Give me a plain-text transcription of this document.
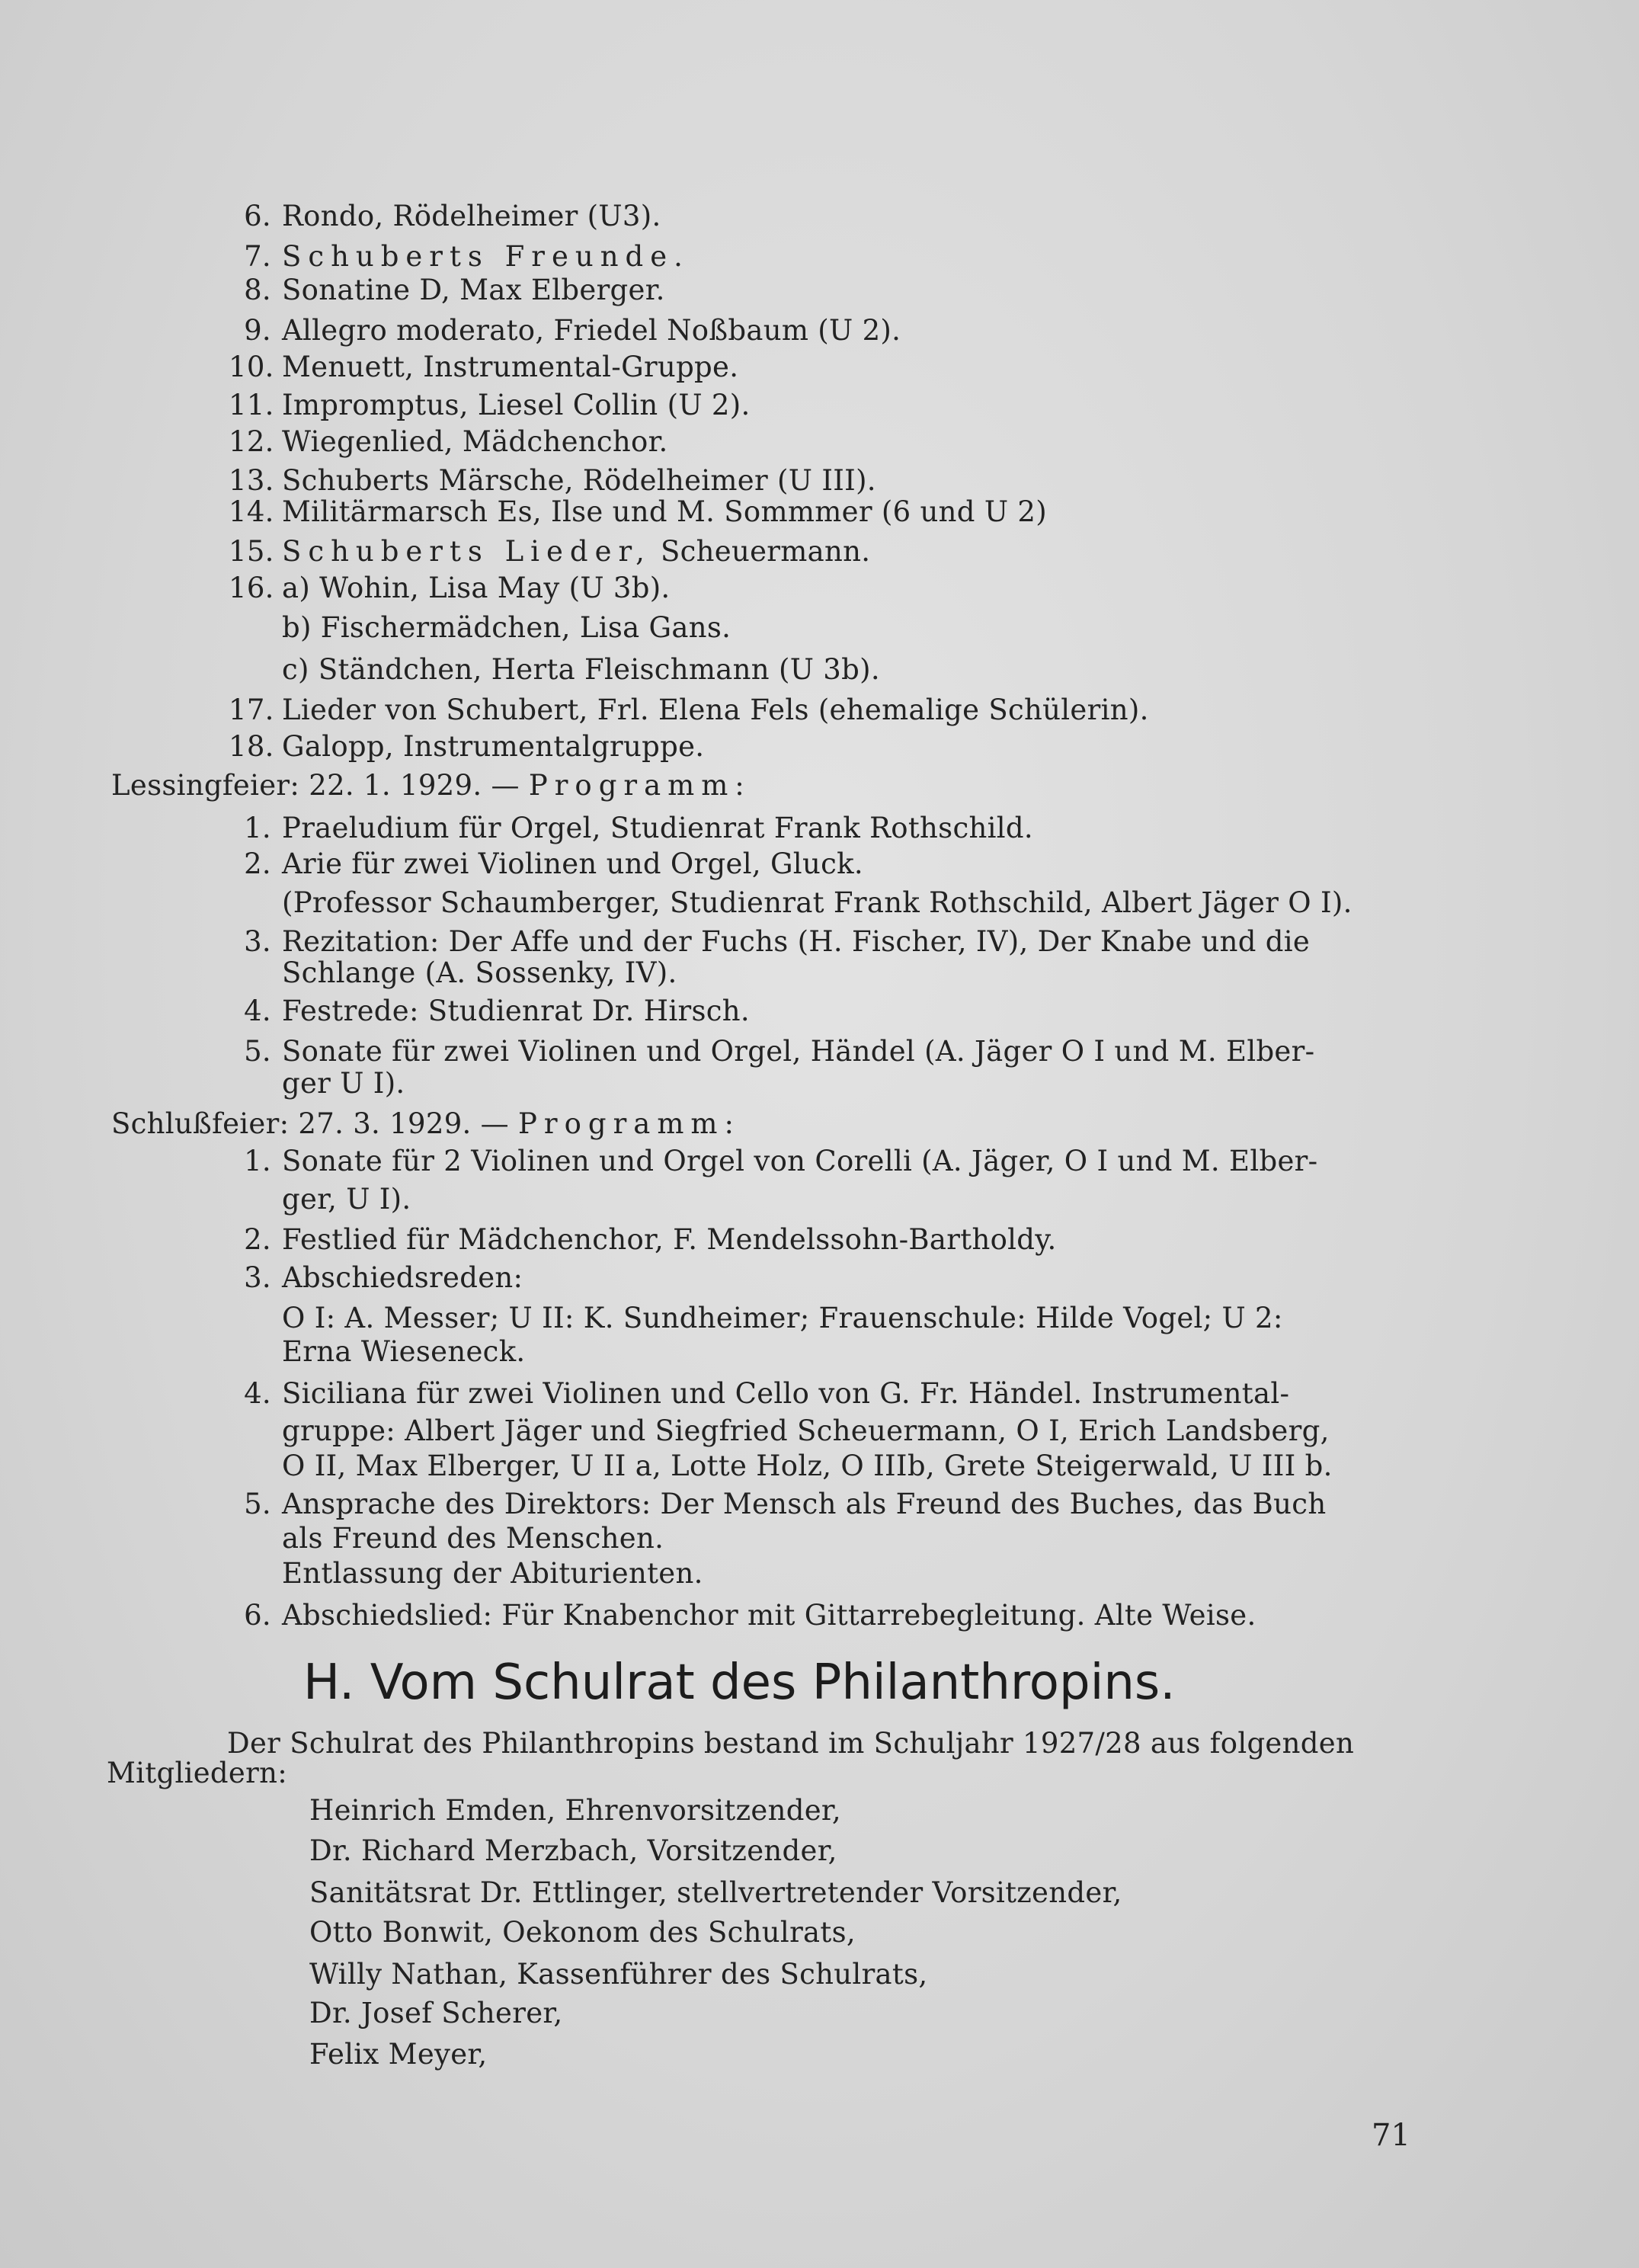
6. Rondo, Rödelheimer (U3).
7. Schuberts Freunde.
8. Sonatine D, Max Elberger.
9. Allegro moderato, Friedel Noßbaum (U 2).
10. Menuett, Instrumental-Gruppe.
11. Impromptus, Liesel Collin (U 2).
12. Wiegenlied, Mädchenchor.
13. Schuberts Märsche, Rödelheimer (U III).
14. Militärmarsch Es, Ilse und M. Sommmer (6 und U 2)
15. Schuberts Lieder, Scheuermann.
16. a) Wohin, Lisa May (U 3b).
b) Fischermädchen, Lisa Gans.
c) Ständchen, Herta Fleischmann (U 3b).
17. Lieder von Schubert, Frl. Elena Fels (ehemalige Schülerin).
18. Galopp, Instrumentalgruppe.
Lessingfeier: 22. 1. 1929. — Programm:
1. Praeludium für Orgel, Studienrat Frank Rothschild.
2. Arie für zwei Violinen und Orgel, Gluck.
(Professor Schaumberger, Studienrat Frank Rothschild, Albert Jäger O I).
3. Rezitation: Der Affe und der Fuchs (H. Fischer, IV), Der Knabe und die
Schlange (A. Sossenky, IV).
4. Festrede: Studienrat Dr. Hirsch.
5. Sonate für zwei Violinen und Orgel, Händel (A. Jäger O I und M. Elber-
ger U I).
Schlußfeier: 27. 3. 1929. — Programm:
1. Sonate für 2 Violinen und Orgel von Corelli (A. Jäger, O I und M. Elber-
ger, U I).
2. Festlied für Mädchenchor, F. Mendelssohn-Bartholdy.
3. Abschiedsreden:
O I: A. Messer; U II: K. Sundheimer; Frauenschule: Hilde Vogel; U 2:
Erna Wieseneck.
4. Siciliana für zwei Violinen und Cello von G. Fr. Händel. Instrumental-
gruppe: Albert Jäger und Siegfried Scheuermann, O I, Erich Landsberg,
O II, Max Elberger, U II a, Lotte Holz, O IIIb, Grete Steigerwald, U III b.
5. Ansprache des Direktors: Der Mensch als Freund des Buches, das Buch
als Freund des Menschen.
Entlassung der Abiturienten.
6. Abschiedslied: Für Knabenchor mit Gittarrebegleitung. Alte Weise.
H. Vom Schulrat des Philanthropins.
Der Schulrat des Philanthropins bestand im Schuljahr 1927/28 aus folgenden
Mitgliedern:
Heinrich Emden, Ehrenvorsitzender,
Dr. Richard Merzbach, Vorsitzender,
Sanitätsrat Dr. Ettlinger, stellvertretender Vorsitzender,
Otto Bonwit, Oekonom des Schulrats,
Willy Nathan, Kassenführer des Schulrats,
Dr. Josef Scherer,
Felix Meyer,
71
